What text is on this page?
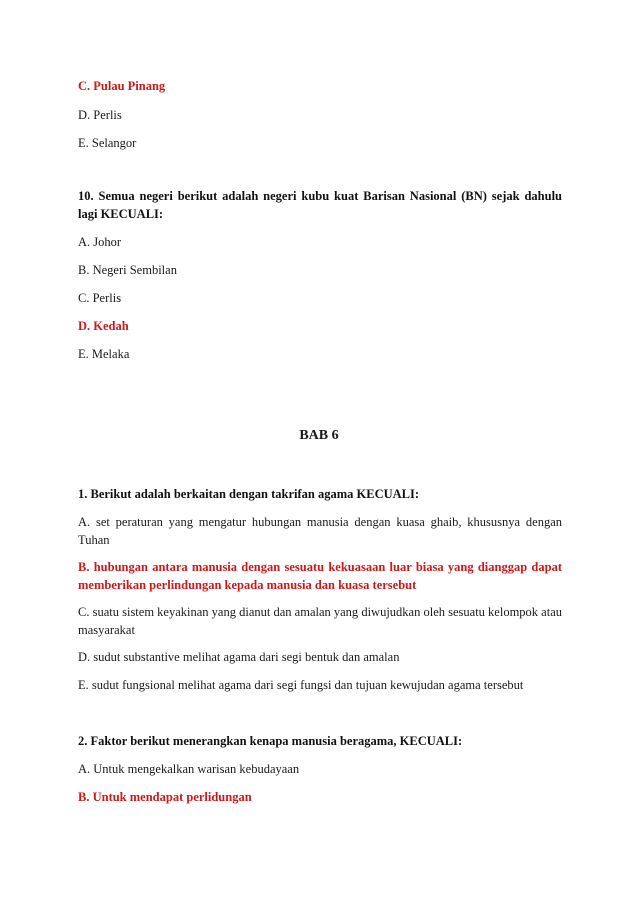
C. Pulau Pinang

D. Perlis

E. Selangor

10. Semua negeri berikut adalah negeri kubu kuat Barisan Nasional (BN) sejak dahulu lagi KECUALI:

A. Johor

B. Negeri Sembilan

C. Perlis

D. Kedah

E. Melaka

BAB 6

1. Berikut adalah berkaitan dengan takrifan agama KECUALI:

A. set peraturan yang mengatur hubungan manusia dengan kuasa ghaib, khususnya dengan Tuhan

B. hubungan antara manusia dengan sesuatu kekuasaan luar biasa yang dianggap dapat memberikan perlindungan kepada manusia dan kuasa tersebut

C. suatu sistem keyakinan yang dianut dan amalan yang diwujudkan oleh sesuatu kelompok atau masyarakat

D. sudut substantive melihat agama dari segi bentuk dan amalan

E. sudut fungsional melihat agama dari segi fungsi dan tujuan kewujudan agama tersebut

2. Faktor berikut menerangkan kenapa manusia beragama, KECUALI:

A. Untuk mengekalkan warisan kebudayaan

B. Untuk mendapat perlidungan
